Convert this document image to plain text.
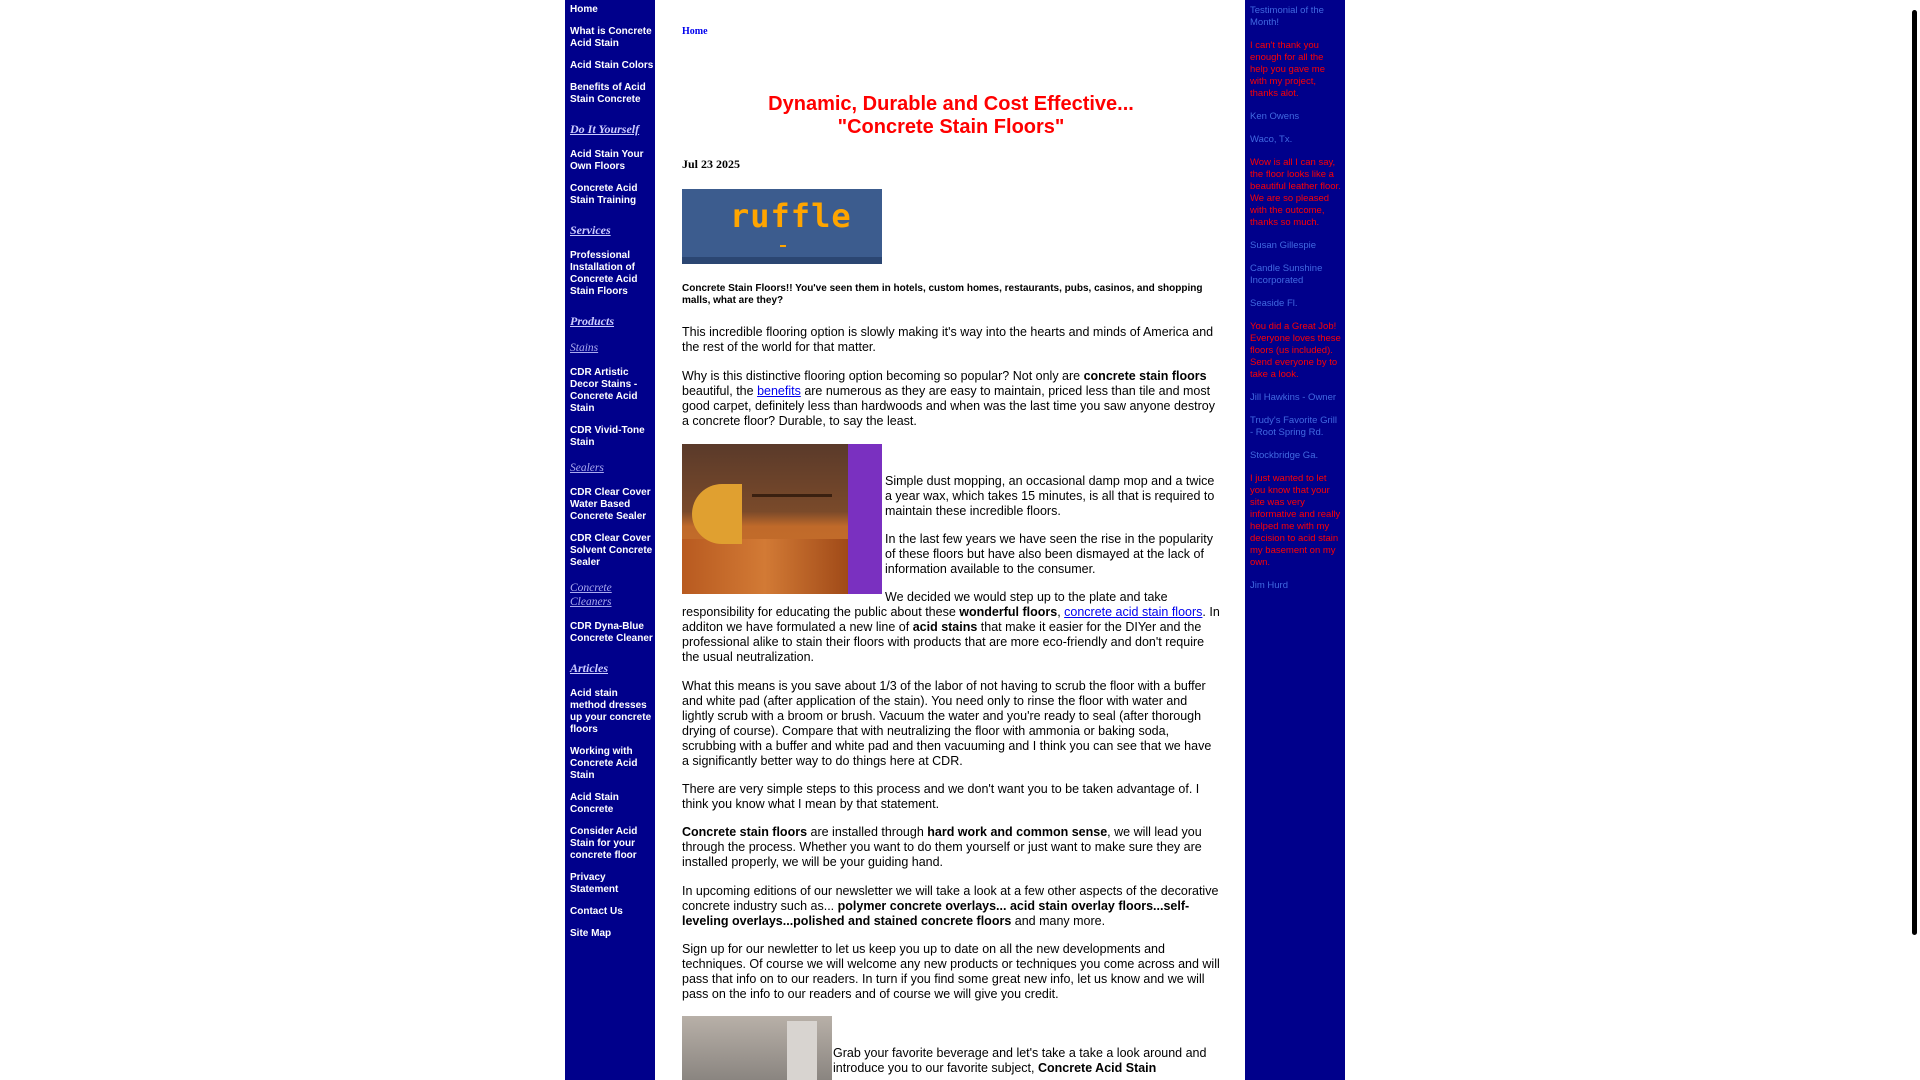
Home
What is Concrete Acid Stain
Acid Stain Colors
Benefits of Acid Stain Concrete
Do It Yourself
Acid Stain Your Own Floors
Concrete Acid Stain Training
Services
Professional Installation of Concrete Acid Stain Floors
Products
Stains
CDR Artistic Decor Stains - Concrete Acid Stain
CDR Vivid-Tone Stain
Sealers
CDR Clear Cover Water Based Concrete Sealer
CDR Clear Cover Solvent Concrete Sealer
Concrete Cleaners
CDR Dyna-Blue Concrete Cleaner
Articles
Acid stain method dresses up your concrete floors
Working with Concrete Acid Stain
Acid Stain Concrete
Consider Acid Stain for your concrete floor
Privacy Statement
Contact Us
Site Map
Home
Dynamic, Durable and Cost Effective...
"Concrete Stain Floors"
Jul 23 2025
ruffle
Concrete Stain Floors!! You've seen them in hotels, custom homes, restaurants, pubs, casinos, and shopping malls, what are they?

This incredible flooring option is slowly making it's way into the hearts and minds of America and the rest of the world for that matter.

Why is this distinctive flooring option becoming so popular? Not only are concrete stain floors beautiful, the benefits are numerous as they are easy to maintain, priced less than tile and most good carpet, definitely less than hardwoods and when was the last time you saw anyone destroy a concrete floor? Durable, to say the least.

Simple dust mopping, an occasional damp mop and a twice a year wax, which takes 15 minutes, is all that is required to maintain these incredible floors.

In the last few years we have seen the rise in the popularity of these floors but have also been dismayed at the lack of information available to the consumer.

We decided we would step up to the plate and take responsibility for educating the public about these wonderful floors, concrete acid stain floors. In additon we have formulated a new line of acid stains that make it easier for the DIYer and the professional alike to stain their floors with products that are more eco-friendly and don't require the usual neutralization.

What this means is you save about 1/3 of the labor of not having to scrub the floor with a buffer and white pad (after application of the stain). You need only to rinse the floor with water and lightly scrub with a broom or brush. Vacuum the water and you're ready to seal (after thorough drying of course). Compare that with neutralizing the floor with ammonia or baking soda, scrubbing with a buffer and white pad and then vacuuming and I think you can see that we have a significantly better way to do things here at CDR.

There are very simple steps to this process and we don't want you to be taken advantage of. I think you know what I mean by that statement.

Concrete stain floors are installed through hard work and common sense, we will lead you through the process. Whether you want to do them yourself or just want to make sure they are installed properly, we will be your guiding hand.

In upcoming editions of our newsletter we will take a look at a few other aspects of the decorative concrete industry such as... polymer concrete overlays... acid stain overlay floors...self-leveling overlays...polished and stained concrete floors and many more.

Sign up for our newletter to let us keep you up to date on all the new developments and techniques. Of course we will welcome any new products or techniques you come across and will pass that info on to our readers. In turn if you find some great new info, let us know and we will pass on the info to our readers and of course we will give you credit.

Grab your favorite beverage and let's take a take a look around and introduce you to our favorite subject, Concrete Acid Stain

Testimonial of the Month!
I can't thank you enough for all the help you gave me with my project, thanks alot.
Ken Owens
Waco, Tx.
Wow is all I can say, the floor looks like a beautiful leather floor. We are so pleased with the outcome, thanks so much.
Susan Gillespie
Candle Sunshine Incorporated
Seaside Fl.
You did a Great Job! Everyone loves these floors (us included). Send everyone by to take a look.
Jill Hawkins - Owner
Trudy's Favorite Grill - Root Spring Rd.
Stockbridge Ga.
I just wanted to let you know that your site was very informative and really helped me with my decision to acid stain my basement on my own.
Jim Hurd
